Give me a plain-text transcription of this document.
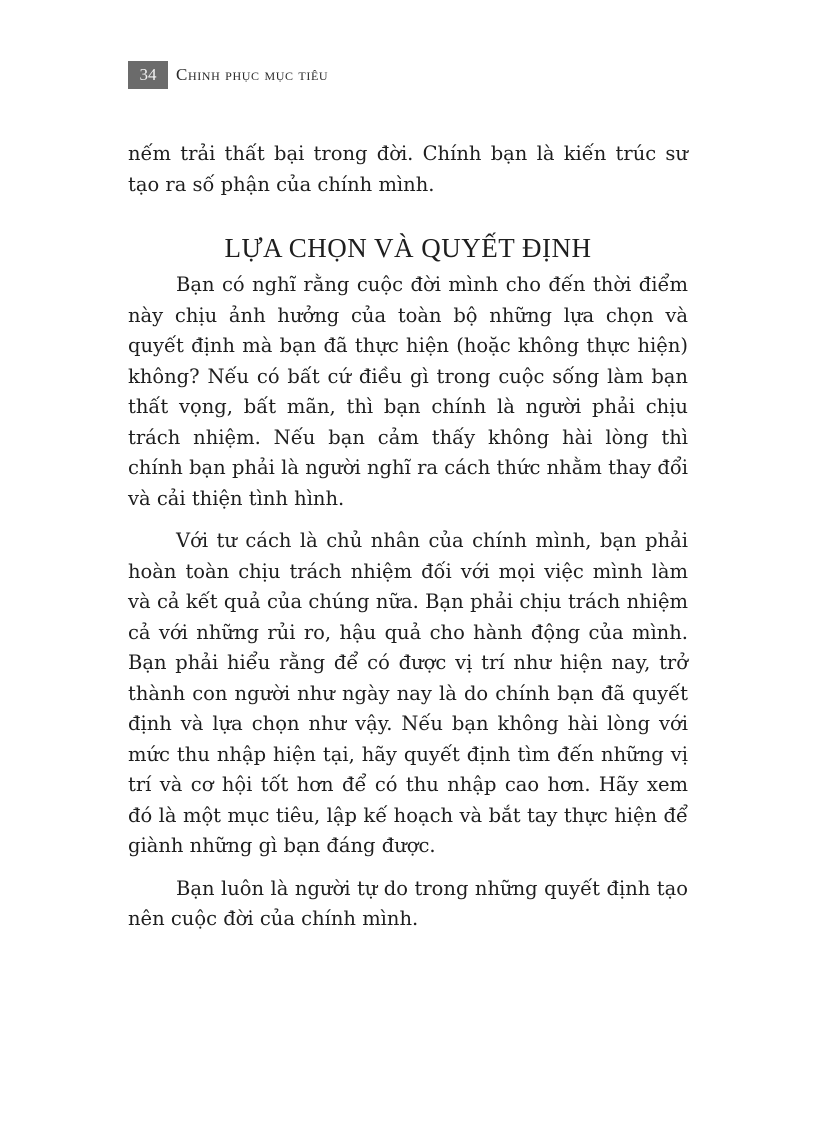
34	Chinh phục mục tiêu

nếm trải thất bại trong đời. Chính bạn là kiến trúc sư tạo ra số phận của chính mình.

LỰA CHỌN VÀ QUYẾT ĐỊNH

Bạn có nghĩ rằng cuộc đời mình cho đến thời điểm này chịu ảnh hưởng của toàn bộ những lựa chọn và quyết định mà bạn đã thực hiện (hoặc không thực hiện) không? Nếu có bất cứ điều gì trong cuộc sống làm bạn thất vọng, bất mãn, thì bạn chính là người phải chịu trách nhiệm. Nếu bạn cảm thấy không hài lòng thì chính bạn phải là người nghĩ ra cách thức nhằm thay đổi và cải thiện tình hình.

Với tư cách là chủ nhân của chính mình, bạn phải hoàn toàn chịu trách nhiệm đối với mọi việc mình làm và cả kết quả của chúng nữa. Bạn phải chịu trách nhiệm cả với những rủi ro, hậu quả cho hành động của mình. Bạn phải hiểu rằng để có được vị trí như hiện nay, trở thành con người như ngày nay là do chính bạn đã quyết định và lựa chọn như vậy. Nếu bạn không hài lòng với mức thu nhập hiện tại, hãy quyết định tìm đến những vị trí và cơ hội tốt hơn để có thu nhập cao hơn. Hãy xem đó là một mục tiêu, lập kế hoạch và bắt tay thực hiện để giành những gì bạn đáng được.

Bạn luôn là người tự do trong những quyết định tạo nên cuộc đời của chính mình.
